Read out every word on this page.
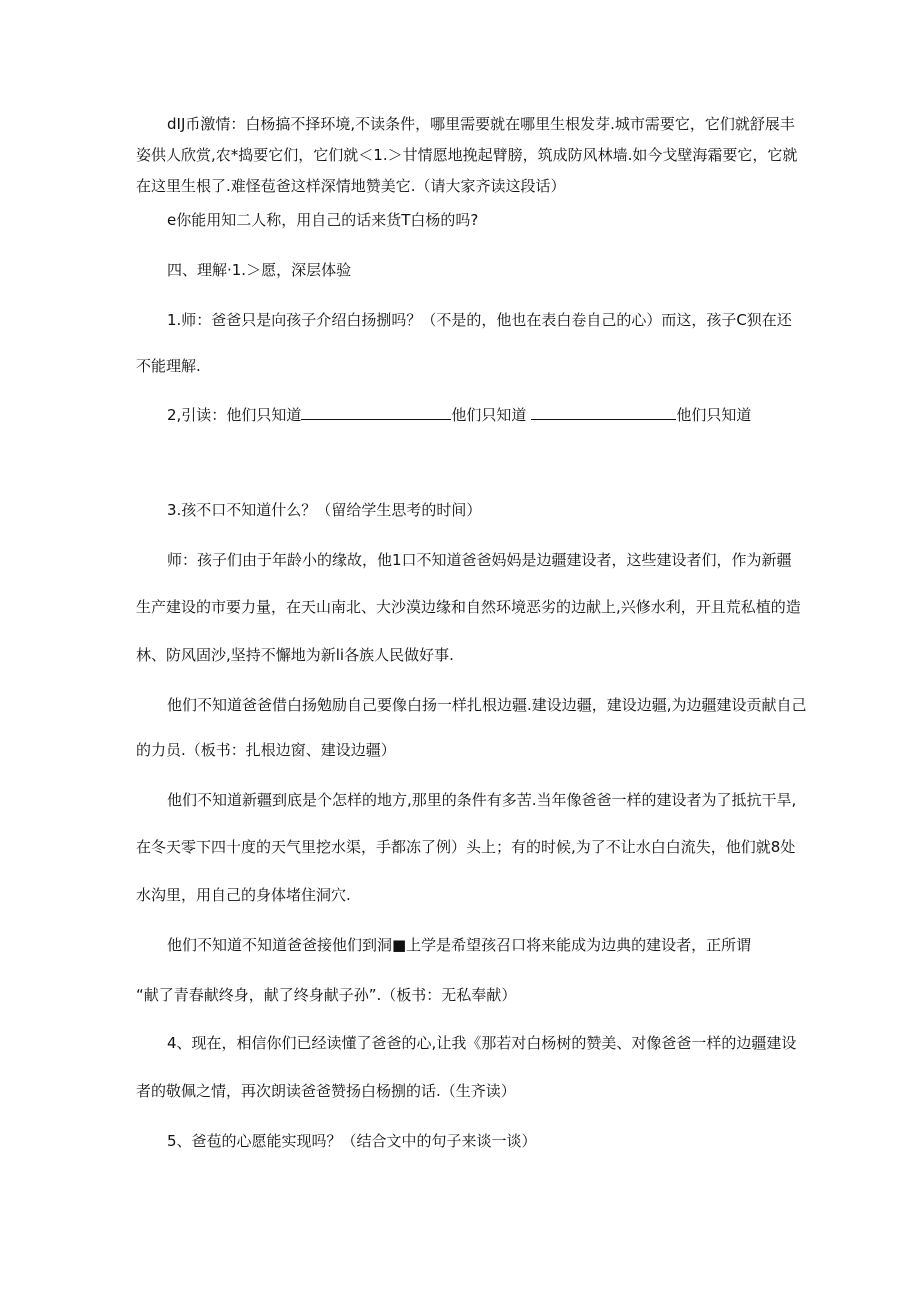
dIJ币激情：白杨搞不择环境,不读条件，哪里需要就在哪里生根发芽.城市需要它，它们就舒展丰
姿供人欣赏,农*捣要它们，它们就＜1.＞甘情愿地挽起臂膀，筑成防风林墙.如今戈壁海霜要它，它就
在这里生根了.难怪苞爸这样深情地赞美它.（请大家齐读这段话）
e你能用知二人称，用自己的话来货T白杨的吗?
四、理解·1.＞愿，深层体验
1.师：爸爸只是向孩子介绍白扬捌吗？（不是的，他也在表白卷自己的心）而这，孩子C狈在还
不能理解.
2,引读：他们只知道	他们只知道	他们只知道
3.孩不口不知道什么？（留给学生思考的时间）
师：孩子们由于年龄小的缘故，他1口不知道爸爸妈妈是边疆建设者，这些建设者们，作为新疆
生产建设的市要力量，在天山南北、大沙漠边缘和自然环境恶劣的边献上,兴修水利，开且荒私植的造
林、防风固沙,坚持不懈地为新li各族人民做好事.
他们不知道爸爸借白扬勉励自己要像白扬一样扎根边疆.建设边疆，建设边疆,为边疆建设贡献自己
的力员.（板书：扎根边窗、建设边疆）
他们不知道新疆到底是个怎样的地方,那里的条件有多苦.当年像爸爸一样的建设者为了抵抗干旱,
在冬天零下四十度的天气里挖水渠，手都冻了例）头上；有的时候,为了不让水白白流失，他们就8处
水沟里，用自己的身体堵住洞穴.
他们不知道不知道爸爸接他们到洞■上学是希望孩召口将来能成为边典的建设者，正所谓
“献了青春献终身，献了终身献子孙”.（板书：无私奉献）
4、现在，相信你们已经读懂了爸爸的心,让我《那若对白杨树的赞美、对像爸爸一样的边疆建设
者的敬佩之情，再次朗读爸爸赞扬白杨捌的话.（生齐读）
5、爸苞的心愿能实现吗？（结合文中的句子来谈一谈）
